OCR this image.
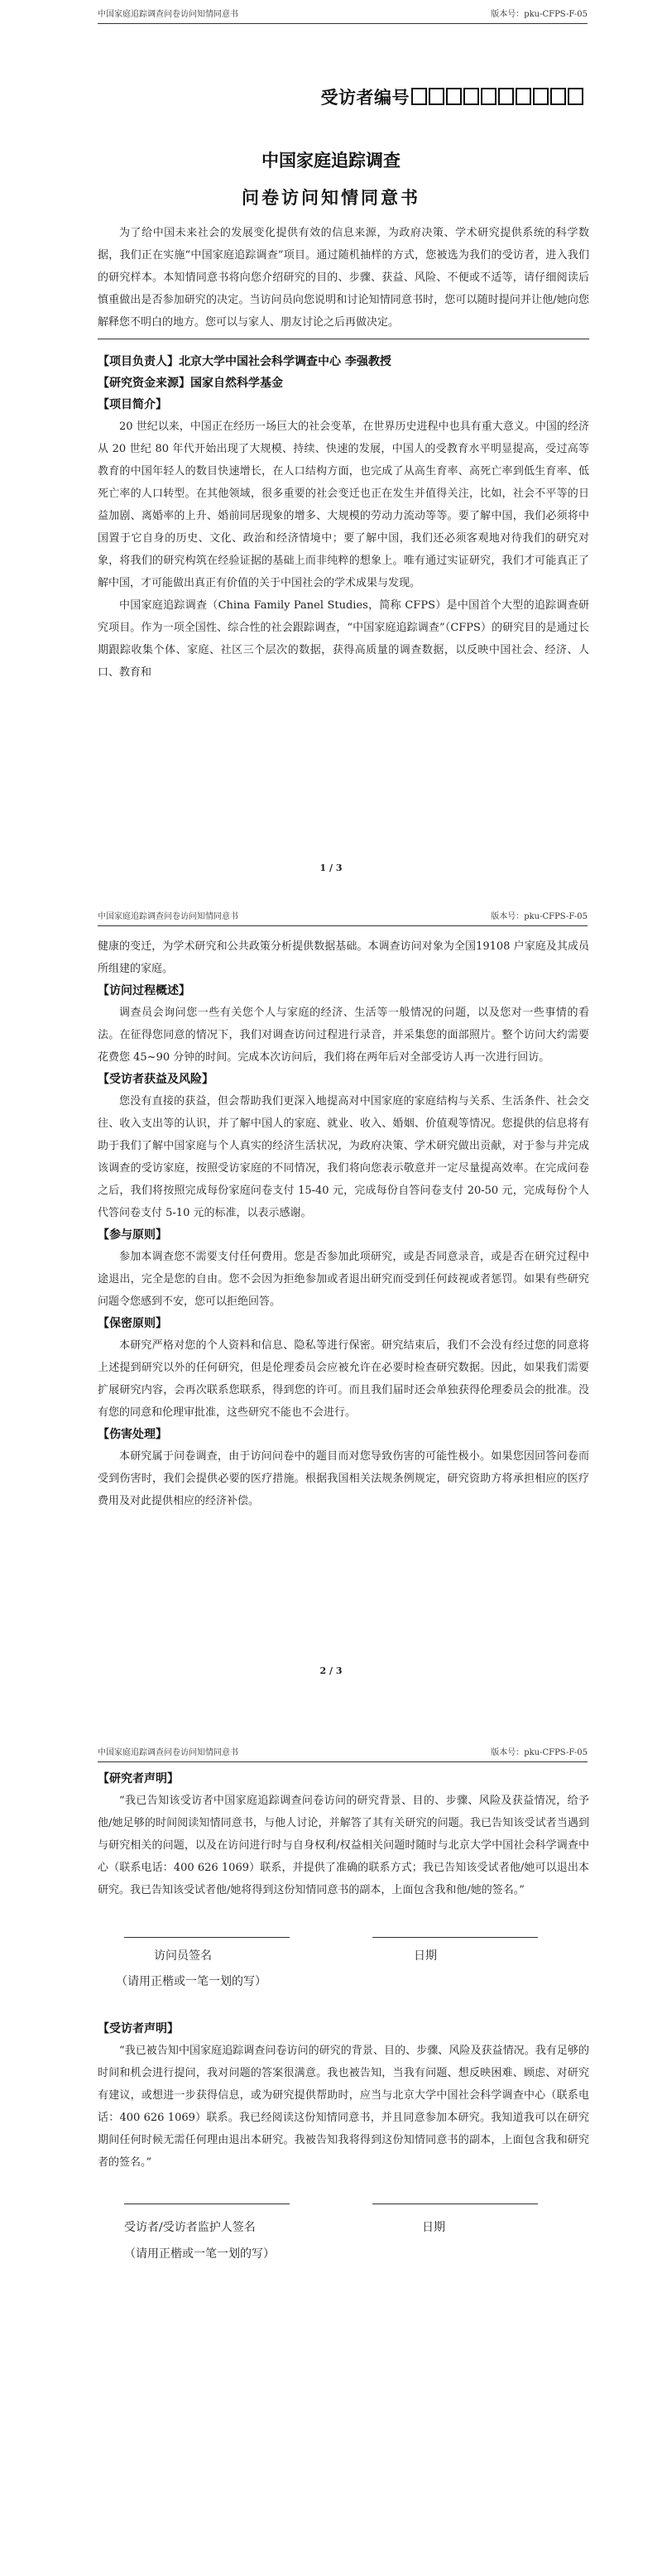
中国家庭追踪调查问卷访问知情同意书	版本号：pku-CFPS-F-05
受访者编号
中国家庭追踪调查
问卷访问知情同意书

为了给中国未来社会的发展变化提供有效的信息来源，为政府决策、学术研究提供系统的科学数据，我们正在实施“中国家庭追踪调查”项目。通过随机抽样的方式，您被选为我们的受访者，进入我们的研究样本。本知情同意书将向您介绍研究的目的、步骤、获益、风险、不便或不适等，请仔细阅读后慎重做出是否参加研究的决定。当访问员向您说明和讨论知情同意书时，您可以随时提问并让他/她向您解释您不明白的地方。您可以与家人、朋友讨论之后再做决定。

【项目负责人】北京大学中国社会科学调查中心 李强教授

【研究资金来源】国家自然科学基金

【项目简介】

20 世纪以来，中国正在经历一场巨大的社会变革，在世界历史进程中也具有重大意义。中国的经济从 20 世纪 80 年代开始出现了大规模、持续、快速的发展，中国人的受教育水平明显提高，受过高等教育的中国年轻人的数目快速增长，在人口结构方面，也完成了从高生育率、高死亡率到低生育率、低死亡率的人口转型。在其他领域，很多重要的社会变迁也正在发生并值得关注，比如，社会不平等的日益加剧、离婚率的上升、婚前同居现象的增多、大规模的劳动力流动等等。要了解中国，我们必须将中国置于它自身的历史、文化、政治和经济情境中；要了解中国，我们还必须客观地对待我们的研究对象，将我们的研究构筑在经验证据的基础上而非纯粹的想象上。唯有通过实证研究，我们才可能真正了解中国，才可能做出真正有价值的关于中国社会的学术成果与发现。

中国家庭追踪调查（China Family Panel Studies，简称 CFPS）是中国首个大型的追踪调查研究项目。作为一项全国性、综合性的社会跟踪调查，“中国家庭追踪调查”（CFPS）的研究目的是通过长期跟踪收集个体、家庭、社区三个层次的数据，获得高质量的调查数据，以反映中国社会、经济、人口、教育和

1 / 3
中国家庭追踪调查问卷访问知情同意书	版本号：pku-CFPS-F-05

健康的变迁，为学术研究和公共政策分析提供数据基础。本调查访问对象为全国19108 户家庭及其成员所组建的家庭。

【访问过程概述】

调查员会询问您一些有关您个人与家庭的经济、生活等一般情况的问题，以及您对一些事情的看法。在征得您同意的情况下，我们对调查访问过程进行录音，并采集您的面部照片。整个访问大约需要花费您 45~90 分钟的时间。完成本次访问后，我们将在两年后对全部受访人再一次进行回访。

【受访者获益及风险】

您没有直接的获益，但会帮助我们更深入地提高对中国家庭的家庭结构与关系、生活条件、社会交往、收入支出等的认识，并了解中国人的家庭、就业、收入、婚姻、价值观等情况。您提供的信息将有助于我们了解中国家庭与个人真实的经济生活状况，为政府决策、学术研究做出贡献，对于参与并完成该调查的受访家庭，按照受访家庭的不同情况，我们将向您表示敬意并一定尽量提高效率。在完成问卷之后，我们将按照完成每份家庭问卷支付 15-40 元，完成每份自答问卷支付 20-50 元，完成每份个人代答问卷支付 5-10 元的标准，以表示感谢。

【参与原则】

参加本调查您不需要支付任何费用。您是否参加此项研究，或是否同意录音，或是否在研究过程中途退出，完全是您的自由。您不会因为拒绝参加或者退出研究而受到任何歧视或者惩罚。如果有些研究问题令您感到不安，您可以拒绝回答。

【保密原则】

本研究严格对您的个人资料和信息、隐私等进行保密。研究结束后，我们不会没有经过您的同意将上述提到研究以外的任何研究，但是伦理委员会应被允许在必要时检查研究数据。因此，如果我们需要扩展研究内容，会再次联系您联系，得到您的许可。而且我们届时还会单独获得伦理委员会的批准。没有您的同意和伦理审批准，这些研究不能也不会进行。

【伤害处理】

本研究属于问卷调查，由于访问问卷中的题目而对您导致伤害的可能性极小。如果您因回答问卷而受到伤害时，我们会提供必要的医疗措施。根据我国相关法规条例规定，研究资助方将承担相应的医疗费用及对此提供相应的经济补偿。

2 / 3
中国家庭追踪调查问卷访问知情同意书	版本号：pku-CFPS-F-05

【研究者声明】

“我已告知该受访者中国家庭追踪调查问卷访问的研究背景、目的、步骤、风险及获益情况，给予他/她足够的时间阅读知情同意书，与他人讨论，并解答了其有关研究的问题。我已告知该受试者当遇到与研究相关的问题，以及在访问进行时与自身权利/权益相关问题时随时与北京大学中国社会科学调查中心（联系电话：400 626 1069）联系，并提供了准确的联系方式；我已告知该受试者他/她可以退出本研究。我已告知该受试者他/她将得到这份知情同意书的副本，上面包含我和他/她的签名。”

访问员签名	日期
（请用正楷或一笔一划的写）

【受访者声明】

“我已被告知中国家庭追踪调查问卷访问的研究的背景、目的、步骤、风险及获益情况。我有足够的时间和机会进行提问，我对问题的答案很满意。我也被告知，当我有问题、想反映困难、顾虑、对研究有建议，或想进一步获得信息，或为研究提供帮助时，应当与北京大学中国社会科学调查中心（联系电话：400 626 1069）联系。我已经阅读这份知情同意书，并且同意参加本研究。我知道我可以在研究期间任何时候无需任何理由退出本研究。我被告知我将得到这份知情同意书的副本，上面包含我和研究者的签名。”

受访者/受访者监护人签名	日期
（请用正楷或一笔一划的写）
